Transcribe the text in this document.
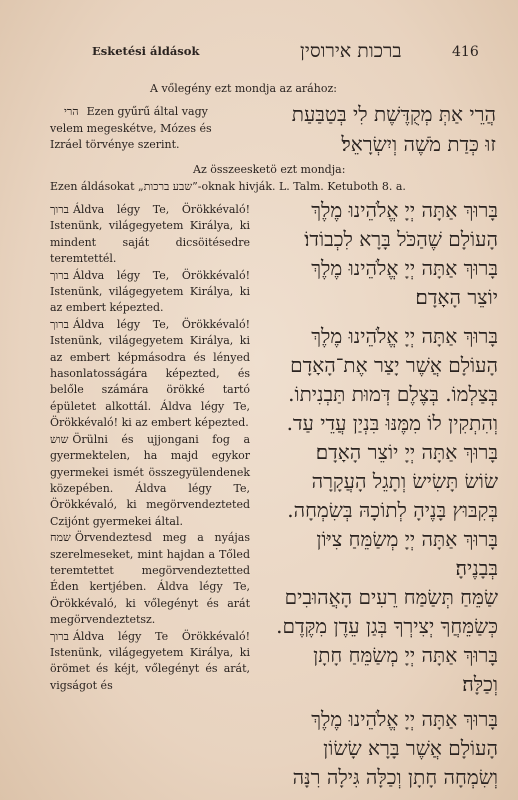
Esketési áldások	ברכות אירוסין	416
A vőlegény ezt mondja az arához:
הרי Ezen gyűrű által vagy
velem megeskétve, Mózes és
Izráel törvénye szerint.
הֲרֵי אַתְּ מְקֻדֶּשֶׁת לִי בְּטַבַּעַת
זוּ כְּדַת מֹשֶׁה וְיִשְׂרָאֵל׃
Az összeesketö ezt mondja:
Ezen áldásokat „שבע ברכות”-oknak hivják. L. Talm. Ketuboth 8. a.
ברוך Áldva légy Te, Örökkévaló! Istenünk, világegyetem Királya, ki mindent saját dicsöitésedre teremtettél.
ברוך Áldva légy Te, Örökkévaló! Istenünk, világegyetem Királya, ki az embert képezted.
ברוך Áldva légy Te, Örökkévaló! Istenünk, világegyetem Királya, ki az embert képmásodra és lényed hasonlatosságára képezted, és belőle számára örökké tartó épületet alkottál. Áldva légy Te, Örökkévaló! ki az embert képezted.
שוש Örülni és ujjongani fog a gyermektelen, ha majd egykor gyermekei ismét összegyülendenek közepében. Áldva légy Te, Örökkévaló, ki megörvendezteted Czijónt gyermekei által.
שמח Örvendeztesd meg a nyájas szerelmeseket, mint hajdan a Tőled teremtettet megörvendeztetted Éden kertjében. Áldva légy Te, Örökkévaló, ki vőlegényt és arát megörvendeztetsz.
ברוך Áldva légy Te Örökkévaló! Istenünk, világegyetem Királya, ki örömet és kéjt, vőlegényt és arát, vigságot és
בָּרוּךְ אַתָּה יְיָ אֱלֹהֵינוּ מֶלֶךְ
הָעוֹלָם שֶׁהַכֹּל בָּרָא לִכְבוֹדוֹ׃
בָּרוּךְ אַתָּה יְיָ אֱלֹהֵינוּ מֶלֶךְ
יוֹצֵר הָאָדָם׃
בָּרוּךְ אַתָּה יְיָ אֱלֹהֵינוּ מֶלֶךְ
הָעוֹלָם אֲשֶׁר יָצַר אֶת־הָאָדָם
בְּצַלְמוֹ. בְּצֶלֶם דְּמוּת תַּבְנִיתוֹ.
וְהִתְקִין לוֹ מִמֶּנּוּ בִּנְיַן עֲדֵי עַד.
בָּרוּךְ אַתָּה יְיָ יוֹצֵר הָאָדָם׃
שׂוֹשׂ תָּשִׂישׂ וְתָגֵל הָעֲקָרָה
בְּקִבּוּץ בָּנֶיהָ לְתוֹכָהּ בְּשִׂמְחָה.
בָּרוּךְ אַתָּה יְיָ מְשַׂמֵּחַ צִיּוֹן
בְּבָנֶיהָ׃
שַׂמֵּחַ תְּשַׂמַּח רֵעִים הָאֲהוּבִים
כְּשַׂמֵּחֲךָ יְצִירְךָ בְּגַן עֵדֶן מִקֶּדֶם.
בָּרוּךְ אַתָּה יְיָ מְשַׂמֵּחַ חָתָן
וְכַלָּה׃
בָּרוּךְ אַתָּה יְיָ אֱלֹהֵינוּ מֶלֶךְ
הָעוֹלָם אֲשֶׁר בָּרָא שָׂשׂוֹן
וְשִׂמְחָה חָתָן וְכַלָּה גִּילָה רִנָּה
